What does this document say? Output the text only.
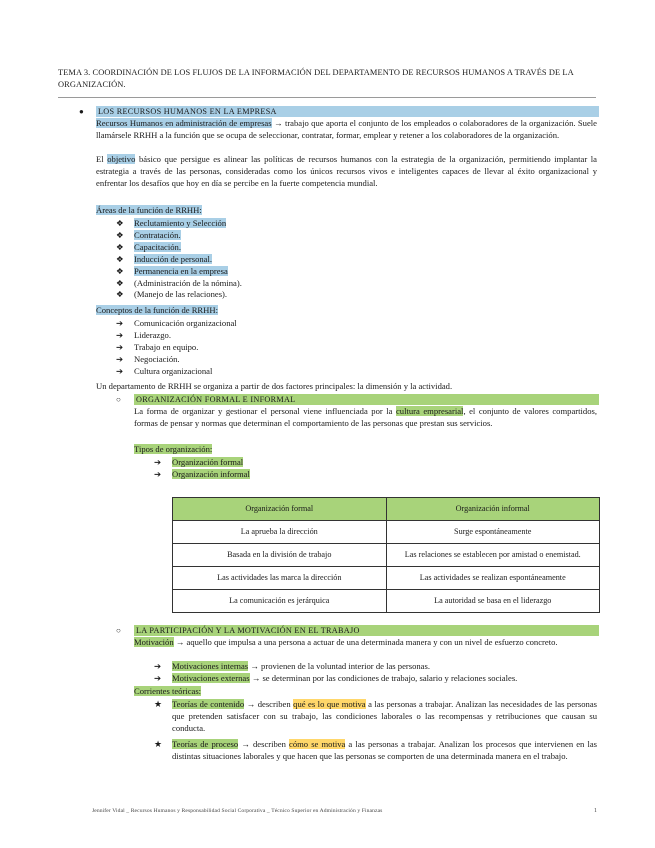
TEMA 3. COORDINACIÓN DE LOS FLUJOS DE LA INFORMACIÓN DEL DEPARTAMENTO DE RECURSOS HUMANOS A TRAVÉS DE LA ORGANIZACIÓN.
● LOS RECURSOS HUMANOS EN LA EMPRESA
Recursos Humanos en administración de empresas → trabajo que aporta el conjunto de los empleados o colaboradores de la organización. Suele llamársele RRHH a la función que se ocupa de seleccionar, contratar, formar, emplear y retener a los colaboradores de la organización.
El objetivo básico que persigue es alinear las políticas de recursos humanos con la estrategia de la organización, permitiendo implantar la estrategia a través de las personas, consideradas como los únicos recursos vivos e inteligentes capaces de llevar al éxito organizacional y enfrentar los desafíos que hoy en día se percibe en la fuerte competencia mundial.
Áreas de la función de RRHH:
❖ Reclutamiento y Selección
❖ Contratación.
❖ Capacitación.
❖ Inducción de personal.
❖ Permanencia en la empresa
❖ (Administración de la nómina).
❖ (Manejo de las relaciones).
Conceptos de la función de RRHH:
➔ Comunicación organizacional
➔ Liderazgo.
➔ Trabajo en equipo.
➔ Negociación.
➔ Cultura organizacional
Un departamento de RRHH se organiza a partir de dos factores principales: la dimensión y la actividad.
○ ORGANIZACIÓN FORMAL E INFORMAL
La forma de organizar y gestionar el personal viene influenciada por la cultura empresarial, el conjunto de valores compartidos, formas de pensar y normas que determinan el comportamiento de las personas que prestan sus servicios.
Tipos de organización:
➔ Organización formal
➔ Organización informal
Organización formal	Organización informal
La aprueba la dirección	Surge espontáneamente
Basada en la división de trabajo	Las relaciones se establecen por amistad o enemistad.
Las actividades las marca la dirección	Las actividades se realizan espontáneamente
La comunicación es jerárquica	La autoridad se basa en el liderazgo
○ LA PARTICIPACIÓN Y LA MOTIVACIÓN EN EL TRABAJO
Motivación → aquello que impulsa a una persona a actuar de una determinada manera y con un nivel de esfuerzo concreto.
➔ Motivaciones internas → provienen de la voluntad interior de las personas.
➔ Motivaciones externas → se determinan por las condiciones de trabajo, salario y relaciones sociales.
Corrientes teóricas:
★ Teorías de contenido → describen qué es lo que motiva a las personas a trabajar. Analizan las necesidades de las personas que pretenden satisfacer con su trabajo, las condiciones laborales o las recompensas y retribuciones que causan su conducta.
★ Teorías de proceso → describen cómo se motiva a las personas a trabajar. Analizan los procesos que intervienen en las distintas situaciones laborales y que hacen que las personas se comporten de una determinada manera en el trabajo.
Jennifer Vidal _ Recursos Humanos y Responsabilidad Social Corporativa _ Técnico Superior en Administración y Finanzas	1
